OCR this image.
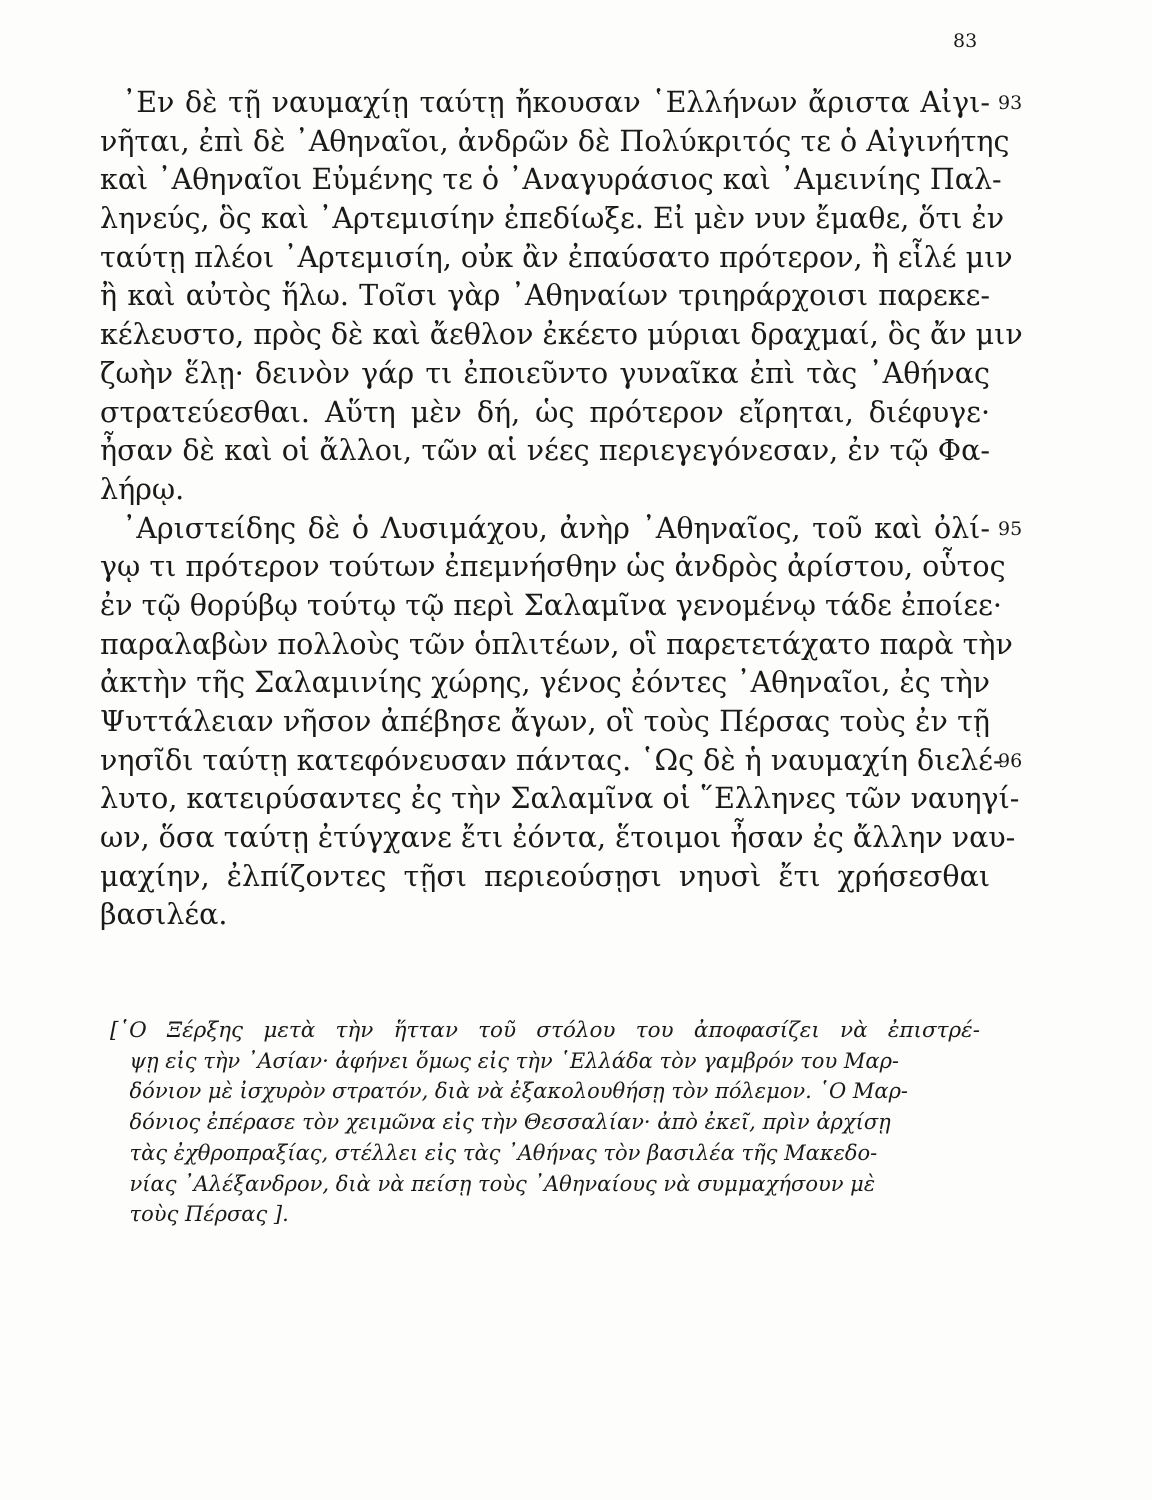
83
᾿Εν δὲ τῇ ναυμαχίῃ ταύτῃ ἤκουσαν ῾Ελλήνων ἄριστα Αἰγι- 93
νῆται, ἐπὶ δὲ ᾿Αθηναῖοι, ἀνδρῶν δὲ Πολύκριτός τε ὁ Αἰγινήτης
καὶ ᾿Αθηναῖοι Εὐμένης τε ὁ ᾿Αναγυράσιος καὶ ᾿Αμεινίης Παλ-
ληνεύς, ὃς καὶ ᾿Αρτεμισίην ἐπεδίωξε. Εἰ μὲν νυν ἔμαθε, ὅτι ἐν
ταύτῃ πλέοι ᾿Αρτεμισίη, οὐκ ἂν ἐπαύσατο πρότερον, ἢ εἷλέ μιν
ἢ καὶ αὐτὸς ἥλω. Τοῖσι γὰρ ᾿Αθηναίων τριηράρχοισι παρεκε-
κέλευστο, πρὸς δὲ καὶ ἄεθλον ἐκέετο μύριαι δραχμαί, ὃς ἄν μιν
ζωὴν ἕλῃ· δεινὸν γάρ τι ἐποιεῦντο γυναῖκα ἐπὶ τὰς ᾿Αθήνας
στρατεύεσθαι. Αὕτη μὲν δή, ὡς πρότερον εἴρηται, διέφυγε·
ἦσαν δὲ καὶ οἱ ἄλλοι, τῶν αἱ νέες περιεγεγόνεσαν, ἐν τῷ Φα-
λήρῳ.
᾿Αριστείδης δὲ ὁ Λυσιμάχου, ἀνὴρ ᾿Αθηναῖος, τοῦ καὶ ὀλί- 95
γῳ τι πρότερον τούτων ἐπεμνήσθην ὡς ἀνδρὸς ἀρίστου, οὗτος
ἐν τῷ θορύβῳ τούτῳ τῷ περὶ Σαλαμῖνα γενομένῳ τάδε ἐποίεε·
παραλαβὼν πολλοὺς τῶν ὁπλιτέων, οἳ παρετετάχατο παρὰ τὴν
ἀκτὴν τῆς Σαλαμινίης χώρης, γένος ἐόντες ᾿Αθηναῖοι, ἐς τὴν
Ψυττάλειαν νῆσον ἀπέβησε ἄγων, οἳ τοὺς Πέρσας τοὺς ἐν τῇ
νησῖδι ταύτῃ κατεφόνευσαν πάντας. ῾Ως δὲ ἡ ναυμαχίη διελέ-
96
λυτο, κατειρύσαντες ἐς τὴν Σαλαμῖνα οἱ ῞Ελληνες τῶν ναυηγί-
ων, ὅσα ταύτῃ ἐτύγχανε ἔτι ἐόντα, ἕτοιμοι ἦσαν ἐς ἄλλην ναυ-
μαχίην, ἐλπίζοντες τῇσι περιεούσῃσι νηυσὶ ἔτι χρήσεσθαι
βασιλέα.
[῾Ο Ξέρξης μετὰ τὴν ἥτταν τοῦ στόλου του ἀποφασίζει νὰ ἐπιστρέ-
ψῃ εἰς τὴν ᾿Ασίαν· ἀφήνει ὅμως εἰς τὴν ῾Ελλάδα τὸν γαμβρόν του Μαρ-δόνιον μὲ ἰσχυρὸν στρατόν, διὰ νὰ ἐξακολουθήσῃ τὸν πόλεμον. ῾Ο Μαρ-δόνιος ἐπέρασε τὸν χειμῶνα εἰς τὴν Θεσσαλίαν· ἀπὸ ἐκεῖ, πρὶν ἀρχίσῃτὰς ἐχθροπραξίας, στέλλει εἰς τὰς ᾿Αθήνας τὸν βασιλέα τῆς Μακεδο-νίας ᾿Αλέξανδρον, διὰ νὰ πείσῃ τοὺς ᾿Αθηναίους νὰ συμμαχήσουν μὲτοὺς Πέρσας ].
